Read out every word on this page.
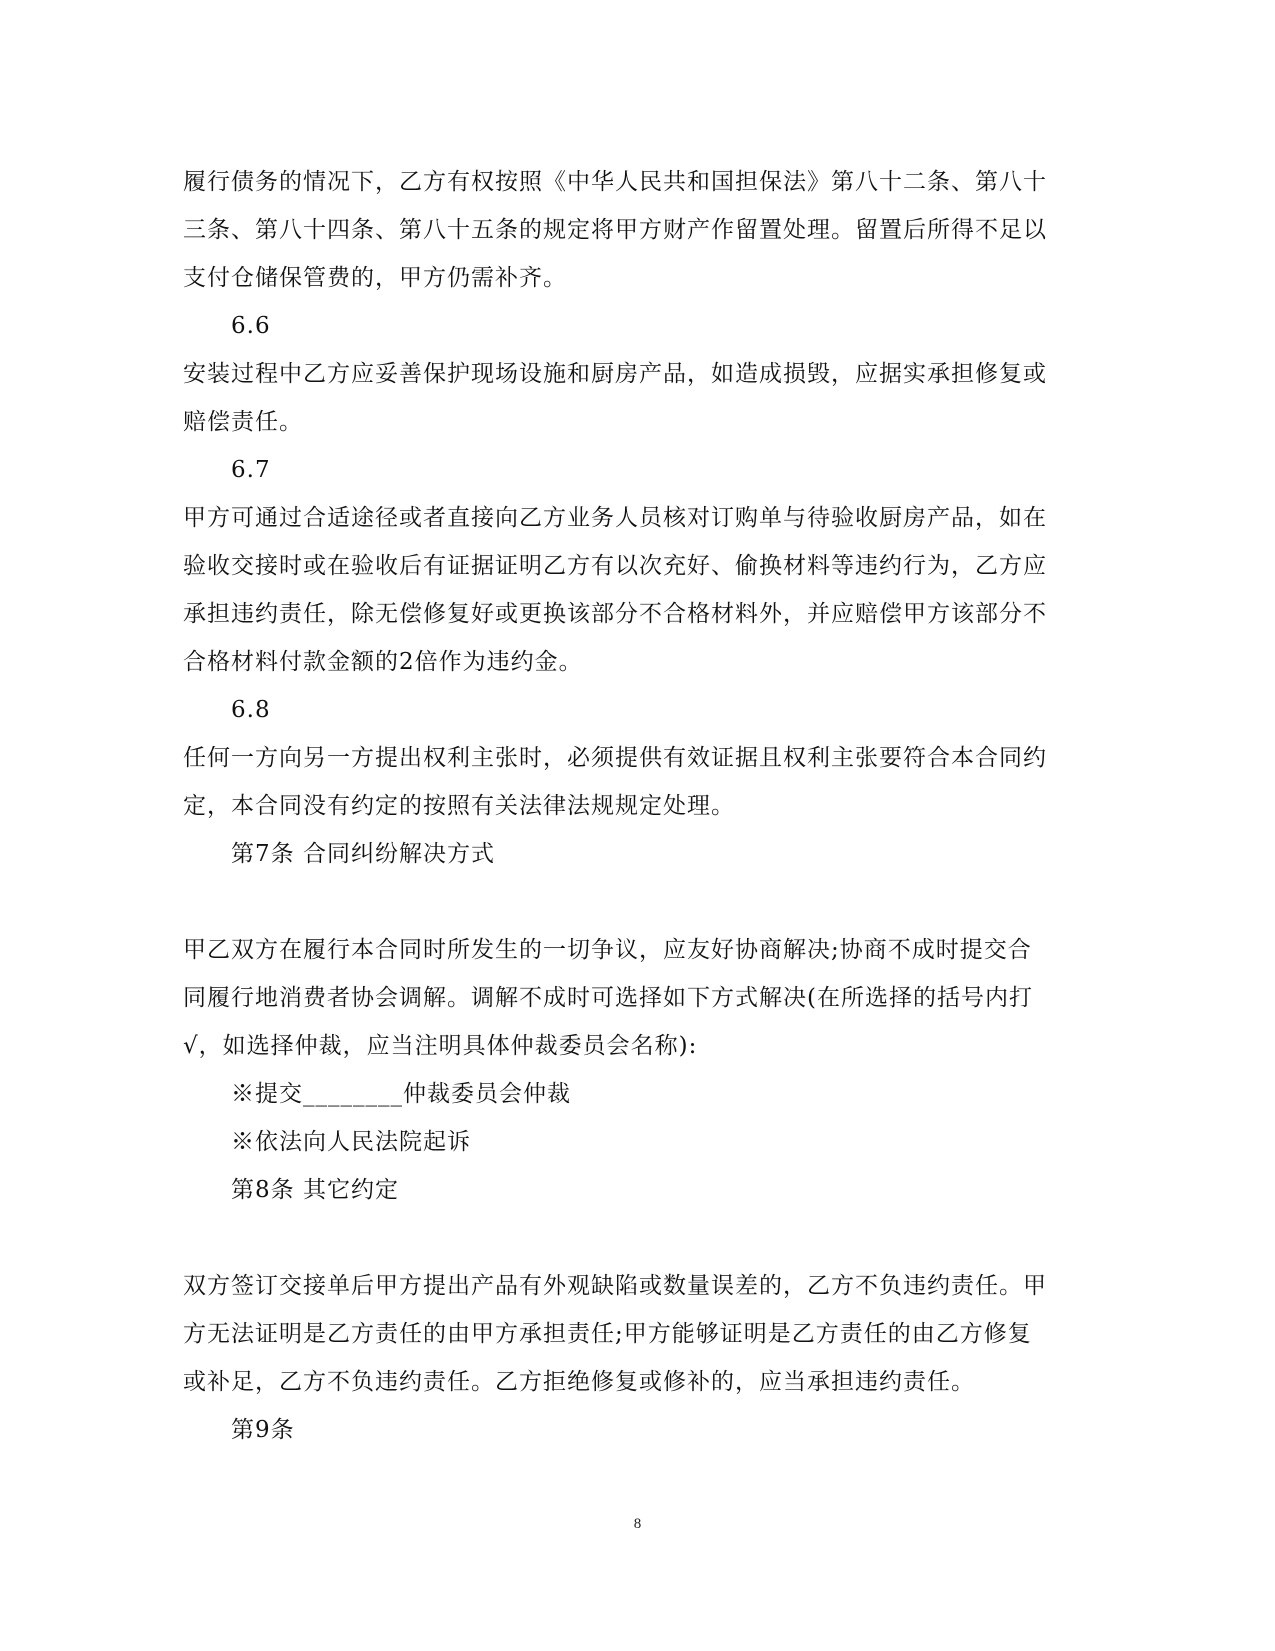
履行债务的情况下，乙方有权按照《中华人民共和国担保法》第八十二条、第八十
三条、第八十四条、第八十五条的规定将甲方财产作留置处理。留置后所得不足以
支付仓储保管费的，甲方仍需补齐。
6.6
安装过程中乙方应妥善保护现场设施和厨房产品，如造成损毁，应据实承担修复或
赔偿责任。
6.7
甲方可通过合适途径或者直接向乙方业务人员核对订购单与待验收厨房产品，如在
验收交接时或在验收后有证据证明乙方有以次充好、偷换材料等违约行为，乙方应
承担违约责任，除无偿修复好或更换该部分不合格材料外，并应赔偿甲方该部分不
合格材料付款金额的2倍作为违约金。
6.8
任何一方向另一方提出权利主张时，必须提供有效证据且权利主张要符合本合同约
定，本合同没有约定的按照有关法律法规规定处理。
第7条 合同纠纷解决方式
甲乙双方在履行本合同时所发生的一切争议，应友好协商解决;协商不成时提交合
同履行地消费者协会调解。调解不成时可选择如下方式解决(在所选择的括号内打
√，如选择仲裁，应当注明具体仲裁委员会名称):
※提交________仲裁委员会仲裁
※依法向人民法院起诉
第8条 其它约定
双方签订交接单后甲方提出产品有外观缺陷或数量误差的，乙方不负违约责任。甲
方无法证明是乙方责任的由甲方承担责任;甲方能够证明是乙方责任的由乙方修复
或补足，乙方不负违约责任。乙方拒绝修复或修补的，应当承担违约责任。
第9条
8
